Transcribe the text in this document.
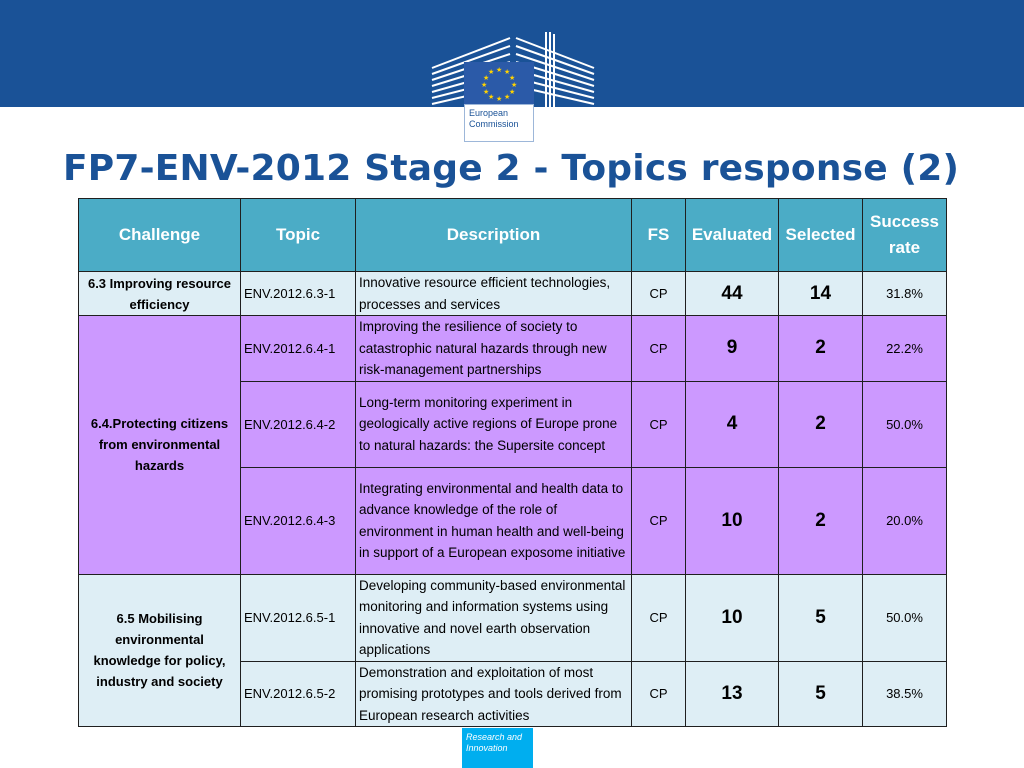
★ ★
★
★
★
★
★
★
★
★
★
★
European
Commission
FP7-ENV-2012 Stage 2 - Topics response (2)
Challenge	Topic	Description	FS	Evaluated	Selected	Success rate
6.3 Improving resource efficiency	ENV.2012.6.3-1	Innovative resource efficient technologies, processes and services	CP	44	14	31.8%
6.4.Protecting citizens from environmental hazards	ENV.2012.6.4-1	Improving the resilience of society to catastrophic natural hazards through new risk-management partnerships	CP	9	2	22.2%
	ENV.2012.6.4-2	Long-term monitoring experiment in geologically active regions of Europe prone to natural hazards: the Supersite concept	CP	4	2	50.0%
	ENV.2012.6.4-3	Integrating environmental and health data to advance knowledge of the role of environment in human health and well-being in support of a European exposome initiative	CP	10	2	20.0%
6.5 Mobilising environmental knowledge for policy, industry and society	ENV.2012.6.5-1	Developing community-based environmental monitoring and information systems using innovative and novel earth observation applications	CP	10	5	50.0%
	ENV.2012.6.5-2	Demonstration and exploitation of most promising prototypes and tools derived from European research activities	CP	13	5	38.5%
Research and
Innovation
